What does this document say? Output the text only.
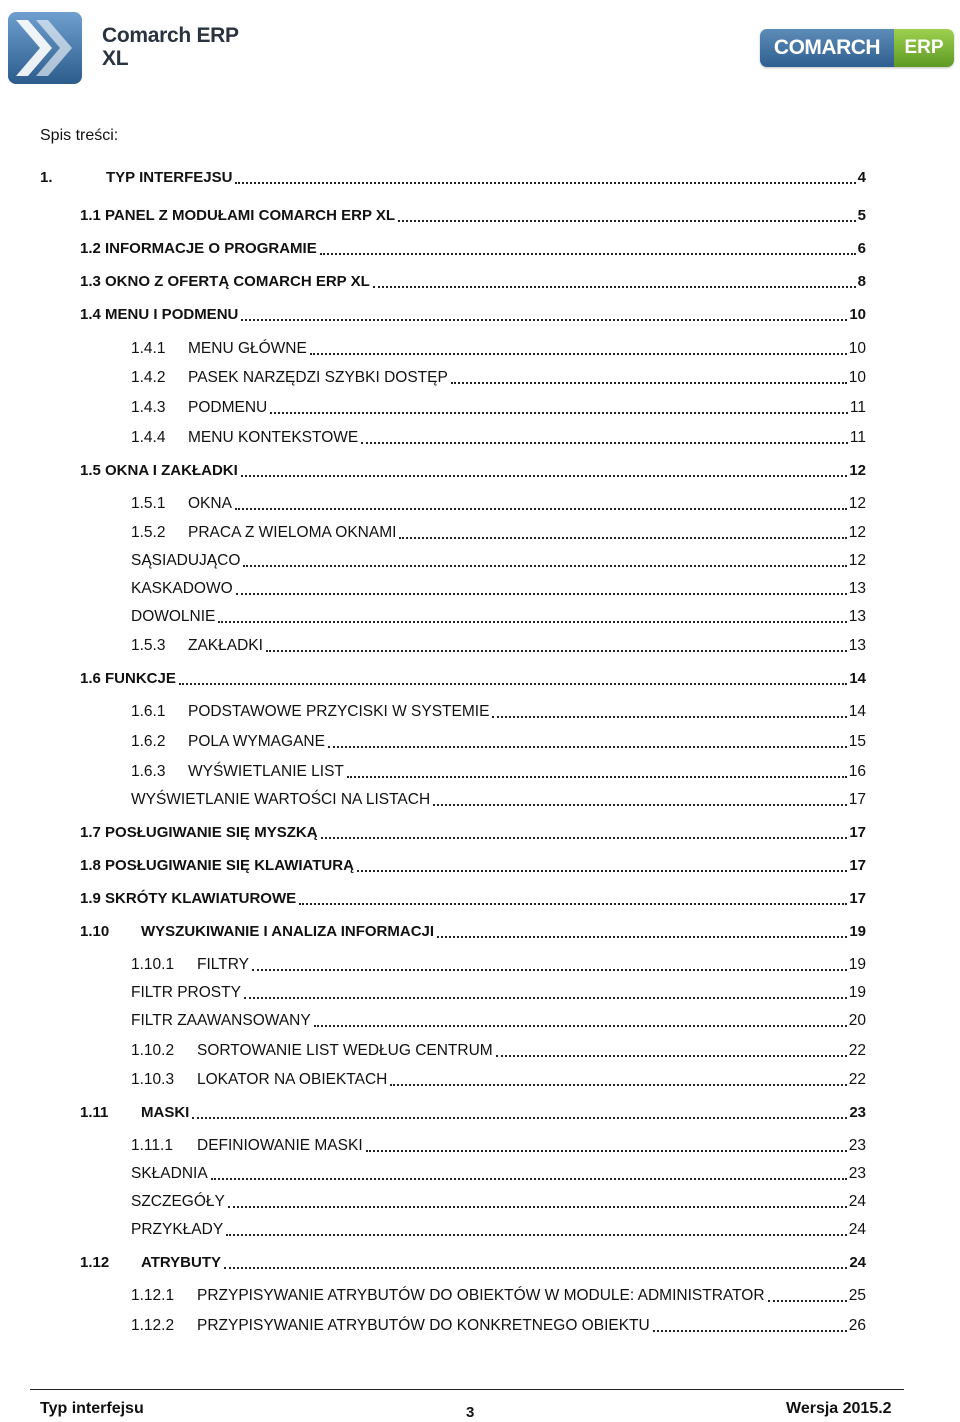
Comarch ERP
XL	COMARCH	ERP
Spis treści:
1.	TYP INTERFEJSU	4
1.1 PANEL Z MODUŁAMI COMARCH ERP XL	5
1.2 INFORMACJE O PROGRAMIE	6
1.3 OKNO Z OFERTĄ COMARCH ERP XL	8
1.4 MENU I PODMENU	10
1.4.1	MENU GŁÓWNE	10
1.4.2	PASEK NARZĘDZI SZYBKI DOSTĘP	10
1.4.3	PODMENU	11
1.4.4	MENU KONTEKSTOWE	11
1.5 OKNA I ZAKŁADKI	12
1.5.1	OKNA	12
1.5.2	PRACA Z WIELOMA OKNAMI	12
SĄSIADUJĄCO	12
KASKADOWO	13
DOWOLNIE	13
1.5.3	ZAKŁADKI	13
1.6 FUNKCJE	14
1.6.1	PODSTAWOWE PRZYCISKI W SYSTEMIE	14
1.6.2	POLA WYMAGANE	15
1.6.3	WYŚWIETLANIE LIST	16
WYŚWIETLANIE WARTOŚCI NA LISTACH	17
1.7 POSŁUGIWANIE SIĘ MYSZKĄ	17
1.8 POSŁUGIWANIE SIĘ KLAWIATURĄ	17
1.9 SKRÓTY KLAWIATUROWE	17
1.10	WYSZUKIWANIE I ANALIZA INFORMACJI	19
1.10.1	FILTRY	19
FILTR PROSTY	19
FILTR ZAAWANSOWANY	20
1.10.2	SORTOWANIE LIST WEDŁUG CENTRUM	22
1.10.3	LOKATOR NA OBIEKTACH	22
1.11	MASKI	23
1.11.1	DEFINIOWANIE MASKI	23
SKŁADNIA	23
SZCZEGÓŁY	24
PRZYKŁADY	24
1.12	ATRYBUTY	24
1.12.1	PRZYPISYWANIE ATRYBUTÓW DO OBIEKTÓW W MODULE: ADMINISTRATOR	25
1.12.2	PRZYPISYWANIE ATRYBUTÓW DO KONKRETNEGO OBIEKTU	26
Typ interfejsu	3	Wersja 2015.2
